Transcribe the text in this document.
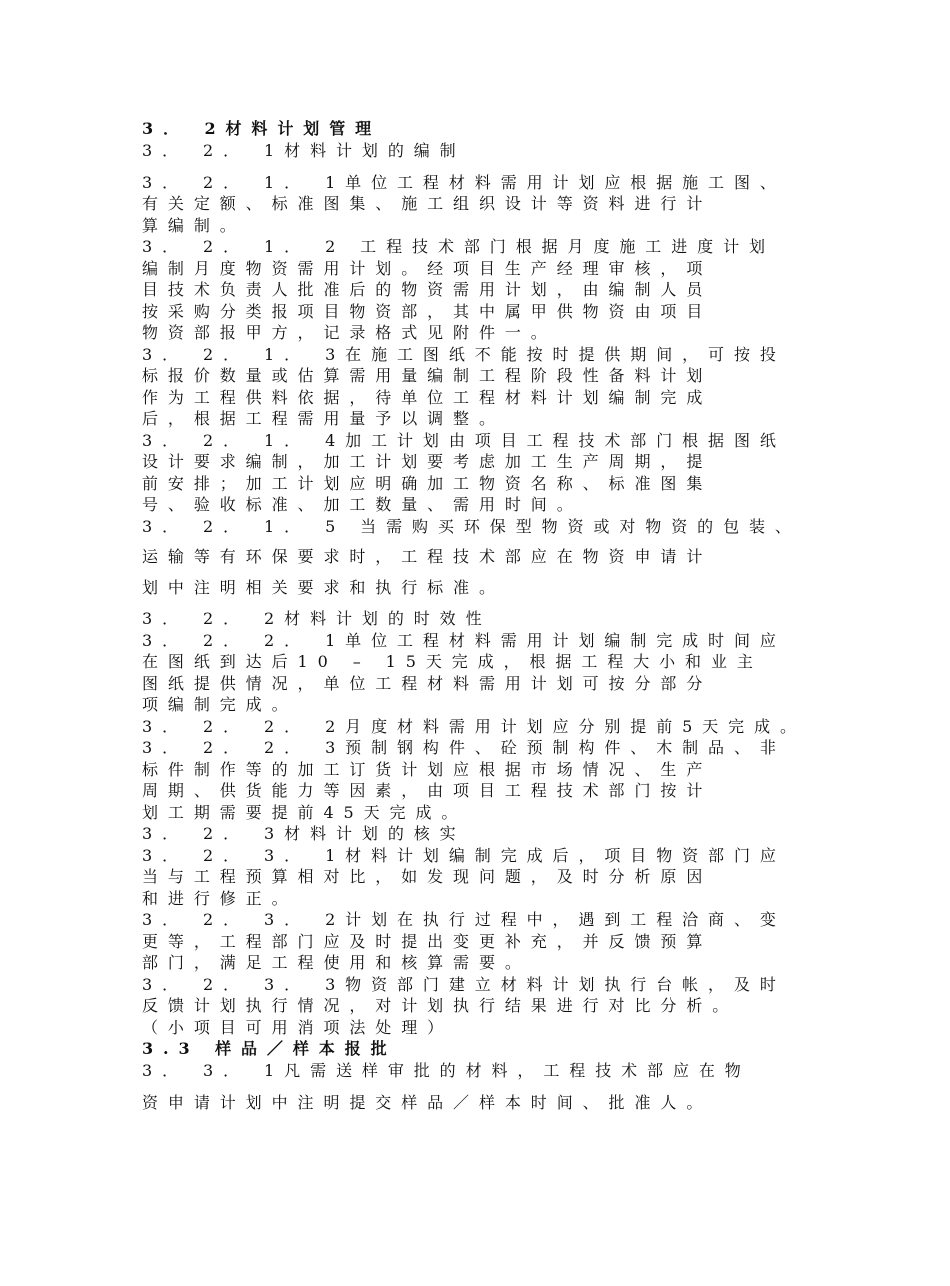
3． 2材料计划管理
3． 2． 1材料计划的编制
3． 2． 1． 1单位工程材料需用计划应根据施工图、
有关定额、标准图集、施工组织设计等资料进行计
算编制。
3． 2． 1． 2 工程技术部门根据月度施工进度计划
编制月度物资需用计划。经项目生产经理审核，项
目技术负责人批准后的物资需用计划，由编制人员
按采购分类报项目物资部，其中属甲供物资由项目
物资部报甲方，记录格式见附件一。
3． 2． 1． 3在施工图纸不能按时提供期间，可按投
标报价数量或估算需用量编制工程阶段性备料计划
作为工程供料依据，待单位工程材料计划编制完成
后，根据工程需用量予以调整。
3． 2． 1． 4加工计划由项目工程技术部门根据图纸
设计要求编制，加工计划要考虑加工生产周期，提
前安排；加工计划应明确加工物资名称、标准图集
号、验收标准、加工数量、需用时间。
3． 2． 1． 5 当需购买环保型物资或对物资的包装、
运输等有环保要求时，工程技术部应在物资申请计
划中注明相关要求和执行标准。
3． 2． 2材料计划的时效性
3． 2． 2． 1单位工程材料需用计划编制完成时间应
在图纸到达后10 – 15天完成，根据工程大小和业主
图纸提供情况，单位工程材料需用计划可按分部分
项编制完成。
3． 2． 2． 2月度材料需用计划应分别提前5天完成。
3． 2． 2． 3预制钢构件、砼预制构件、木制品、非
标件制作等的加工订货计划应根据市场情况、生产
周期、供货能力等因素，由项目工程技术部门按计
划工期需要提前45天完成。
3． 2． 3材料计划的核实
3． 2． 3． 1材料计划编制完成后，项目物资部门应
当与工程预算相对比，如发现问题，及时分析原因
和进行修正。
3． 2． 3． 2计划在执行过程中，遇到工程洽商、变
更等，工程部门应及时提出变更补充，并反馈预算
部门，满足工程使用和核算需要。
3． 2． 3． 3物资部门建立材料计划执行台帐，及时
反馈计划执行情况，对计划执行结果进行对比分析。
（小项目可用消项法处理）
3.3 样品／样本报批
3． 3． 1凡需送样审批的材料，工程技术部应在物
资申请计划中注明提交样品／样本时间、批准人。
